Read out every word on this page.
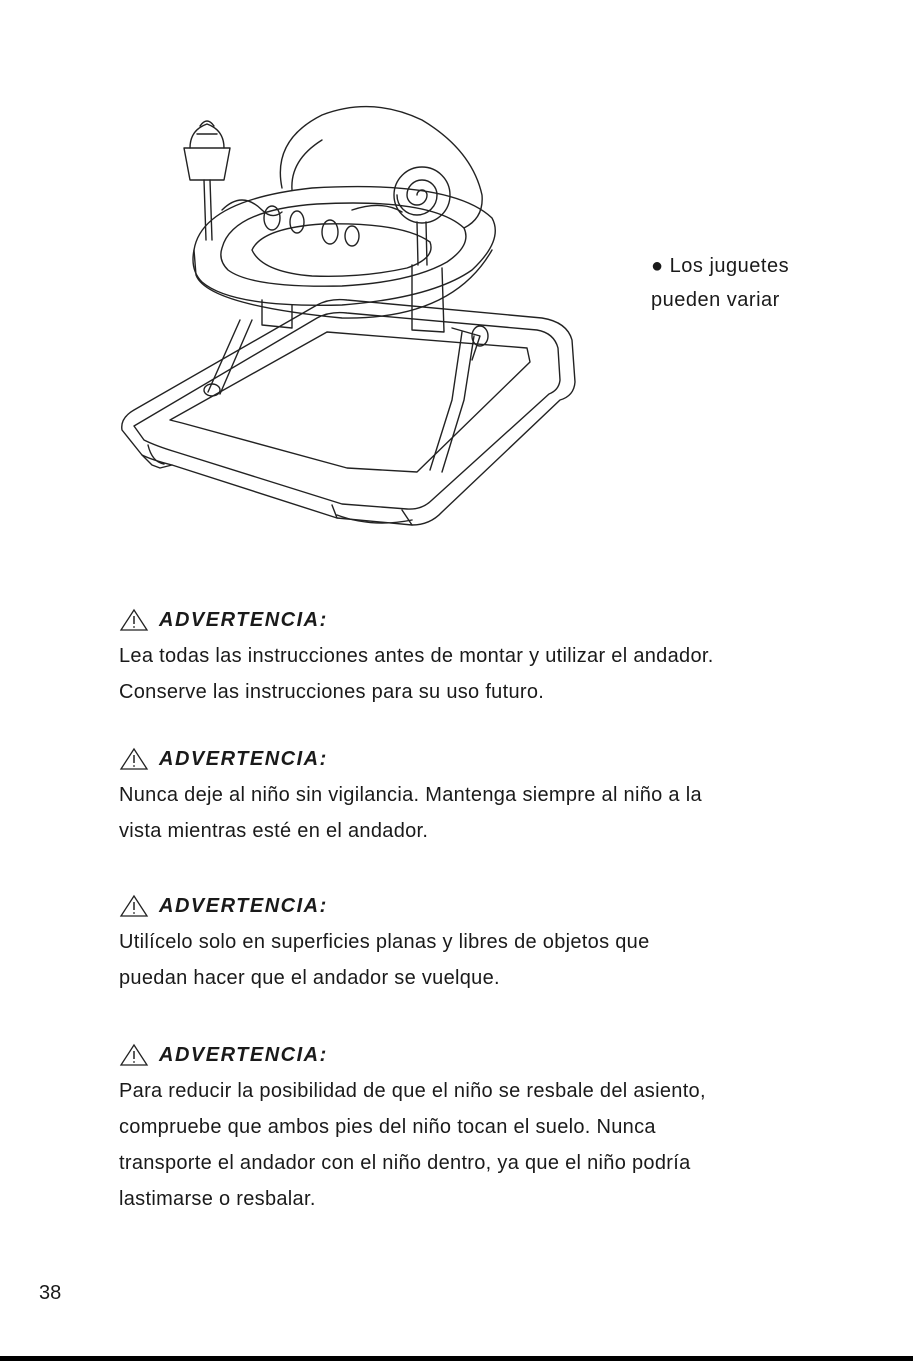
● Los juguetes
pueden variar
ADVERTENCIA:
Lea todas las instrucciones antes de montar y utilizar el andador.
Conserve las instrucciones para su uso futuro.
ADVERTENCIA:
Nunca deje al niño sin vigilancia. Mantenga siempre al niño a la
vista mientras esté en el andador.
ADVERTENCIA:
Utilícelo solo en superficies planas y libres de objetos que
puedan hacer que el andador se vuelque.
ADVERTENCIA:
Para reducir la posibilidad de que el niño se resbale del asiento,
compruebe que ambos pies del niño tocan el suelo. Nunca
transporte el andador con el niño dentro, ya que el niño podría
lastimarse o resbalar.
38
